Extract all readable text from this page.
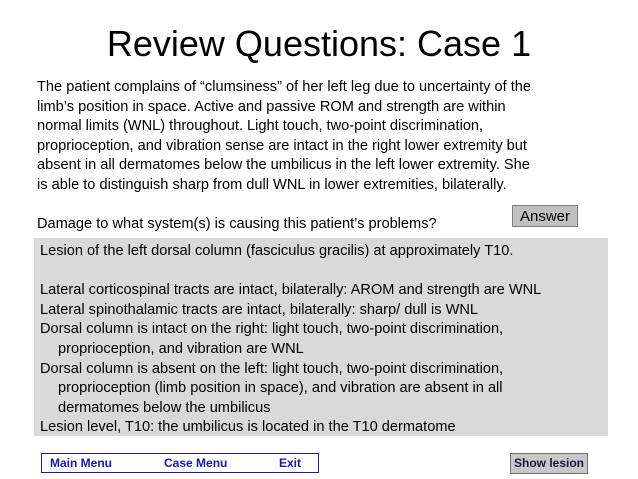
Review Questions: Case 1

The patient complains of “clumsiness” of her left leg due to uncertainty of the

limb’s position in space. Active and passive ROM and strength are within

normal limits (WNL) throughout. Light touch, two-point discrimination,

proprioception, and vibration sense are intact in the right lower extremity but

absent in all dermatomes below the umbilicus in the left lower extremity. She

is able to distinguish sharp from dull WNL in lower extremities, bilaterally.

Damage to what system(s) is causing this patient’s problems?	Answer

Lesion of the left dorsal column (fasciculus gracilis) at approximately T10.

Lateral corticospinal tracts are intact, bilaterally: AROM and strength are WNL

Lateral spinothalamic tracts are intact, bilaterally: sharp/ dull is WNL

Dorsal column is intact on the right: light touch, two-point discrimination,

proprioception, and vibration are WNL

Dorsal column is absent on the left: light touch, two-point discrimination,

proprioception (limb position in space), and vibration are absent in all

dermatomes below the umbilicus

Lesion level, T10: the umbilicus is located in the T10 dermatome

Main Menu	Case Menu	Exit	Show lesion
